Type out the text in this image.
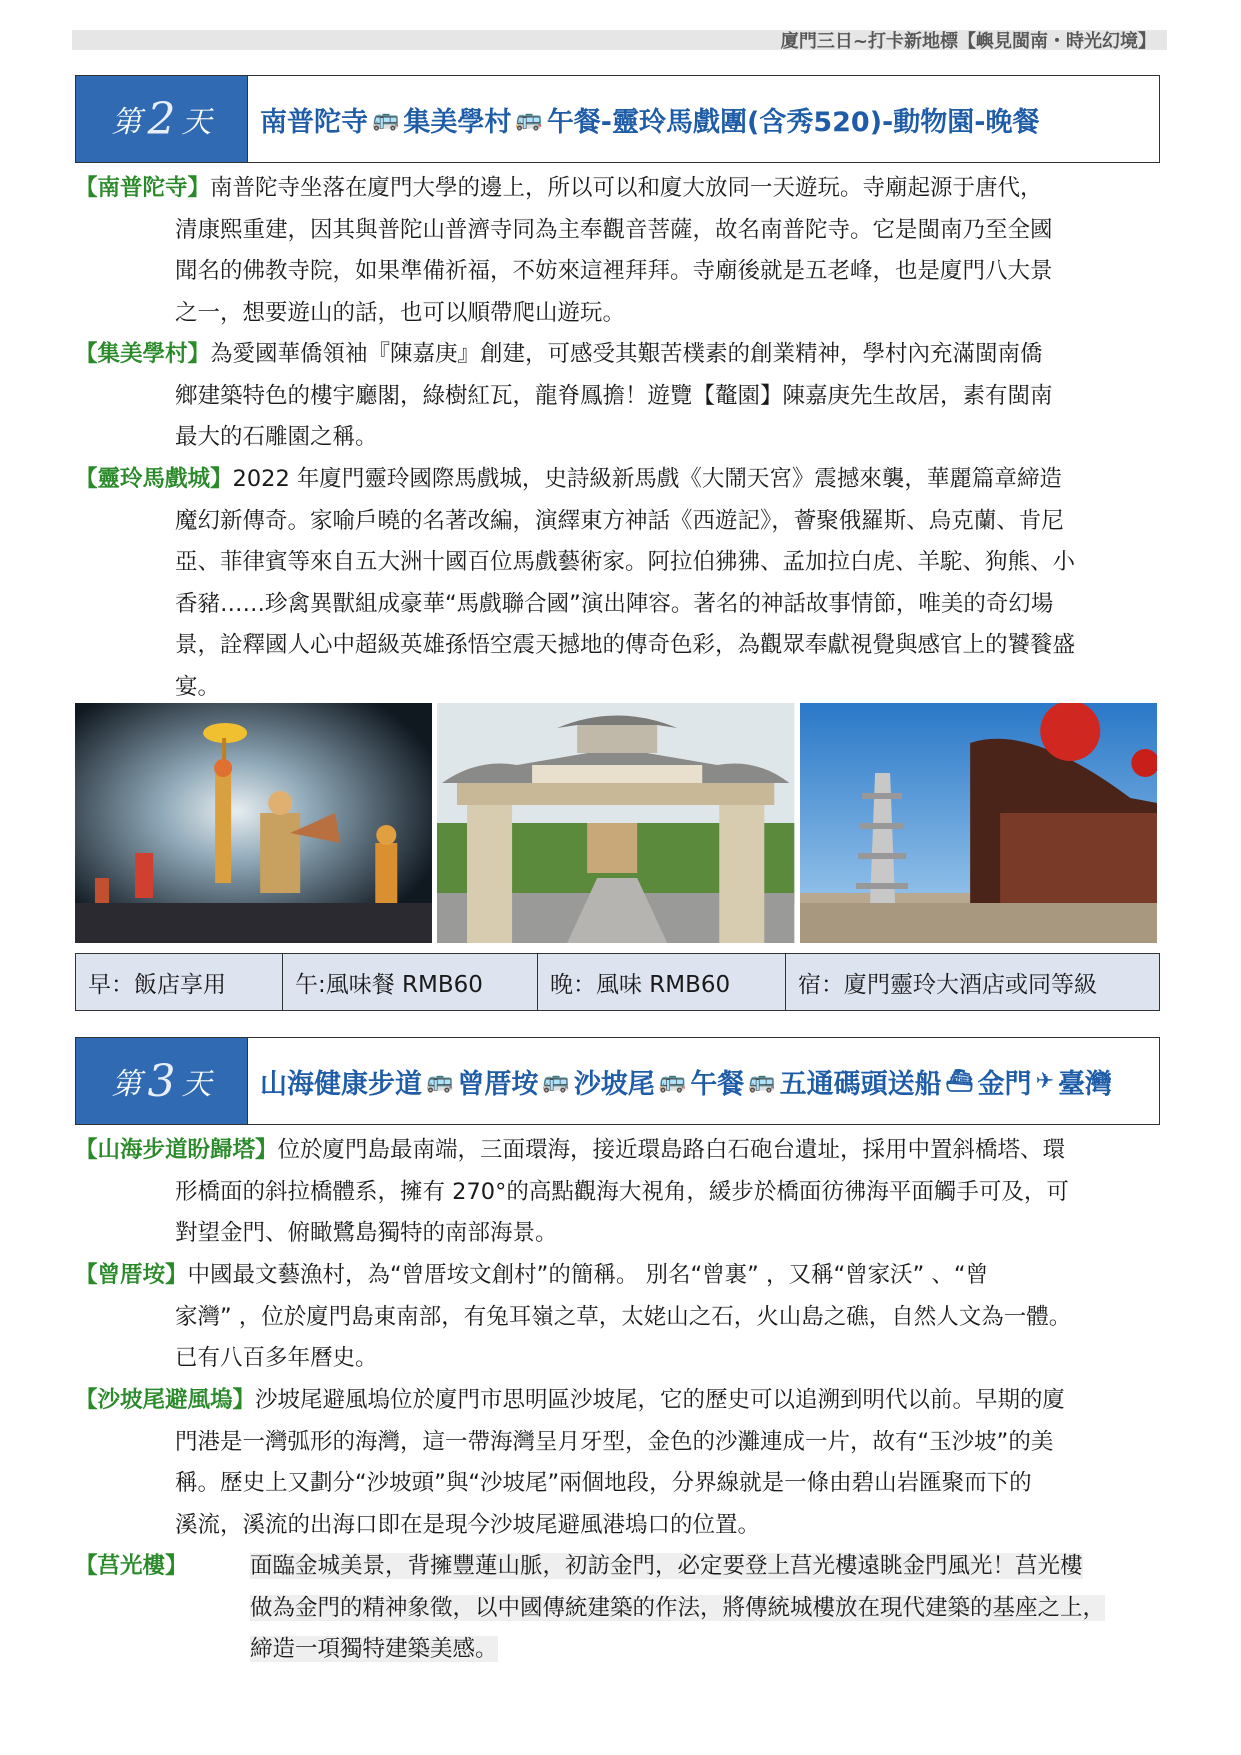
廈門三日~打卡新地標【嶼見閩南・時光幻境】
第 2 天 南普陀寺 🚌 集美學村 🚌 午餐-靈玲馬戲團(含秀520)-動物園-晚餐
【南普陀寺】南普陀寺坐落在廈門大學的邊上，所以可以和廈大放同一天遊玩。寺廟起源于唐代，
清康熙重建，因其與普陀山普濟寺同為主奉觀音菩薩，故名南普陀寺。它是閩南乃至全國
聞名的佛教寺院，如果準備祈福，不妨來這裡拜拜。寺廟後就是五老峰，也是廈門八大景
之一，想要遊山的話，也可以順帶爬山遊玩。
【集美學村】為愛國華僑領袖『陳嘉庚』創建，可感受其艱苦樸素的創業精神，學村內充滿閩南僑
鄉建築特色的樓宇廳閣，綠樹紅瓦，龍脊鳳擔！遊覽【鼇園】陳嘉庚先生故居，素有閩南
最大的石雕園之稱。
【靈玲馬戲城】2022 年廈門靈玲國際馬戲城，史詩級新馬戲《大鬧天宮》震撼來襲，華麗篇章締造
魔幻新傳奇。家喻戶曉的名著改編，演繹東方神話《西遊記》，薈聚俄羅斯、烏克蘭、肯尼
亞、菲律賓等來自五大洲十國百位馬戲藝術家。阿拉伯狒狒、孟加拉白虎、羊駝、狗熊、小
香豬……珍禽異獸組成豪華“馬戲聯合國”演出陣容。著名的神話故事情節，唯美的奇幻場
景，詮釋國人心中超級英雄孫悟空震天撼地的傳奇色彩，為觀眾奉獻視覺與感官上的饕餮盛
宴。
早：飯店享用	午:風味餐 RMB60	晚：風味 RMB60	宿：廈門靈玲大酒店或同等級
第 3 天 山海健康步道 🚌 曾厝垵 🚌 沙坡尾 🚌 午餐 🚌 五通碼頭送船 ⛴ 金門 ✈ 臺灣
【山海步道盼歸塔】位於廈門島最南端，三面環海，接近環島路白石砲台遺址，採用中置斜橋塔、環
形橋面的斜拉橋體系，擁有 270°的高點觀海大視角，緩步於橋面彷彿海平面觸手可及，可
對望金門、俯瞰鷺島獨特的南部海景。
【曾厝垵】中國最文藝漁村，為“曾厝垵文創村”的簡稱。 別名“曾裏” ，又稱“曾家沃” 、“曾
家灣” ，位於廈門島東南部，有兔耳嶺之草，太姥山之石，火山島之礁，自然人文為一體。
已有八百多年曆史。
【沙坡尾避風塢】沙坡尾避風塢位於廈門市思明區沙坡尾，它的歷史可以追溯到明代以前。早期的廈
門港是一灣弧形的海灣，這一帶海灣呈月牙型，金色的沙灘連成一片，故有“玉沙坡”的美
稱。歷史上又劃分“沙坡頭”與“沙坡尾”兩個地段，分界線就是一條由碧山岩匯聚而下的
溪流，溪流的出海口即在是現今沙坡尾避風港塢口的位置。
【莒光樓】	面臨金城美景，背擁豐蓮山脈，初訪金門，必定要登上莒光樓遠眺金門風光！莒光樓
做為金門的精神象徵，以中國傳統建築的作法，將傳統城樓放在現代建築的基座之上，
締造一項獨特建築美感。
